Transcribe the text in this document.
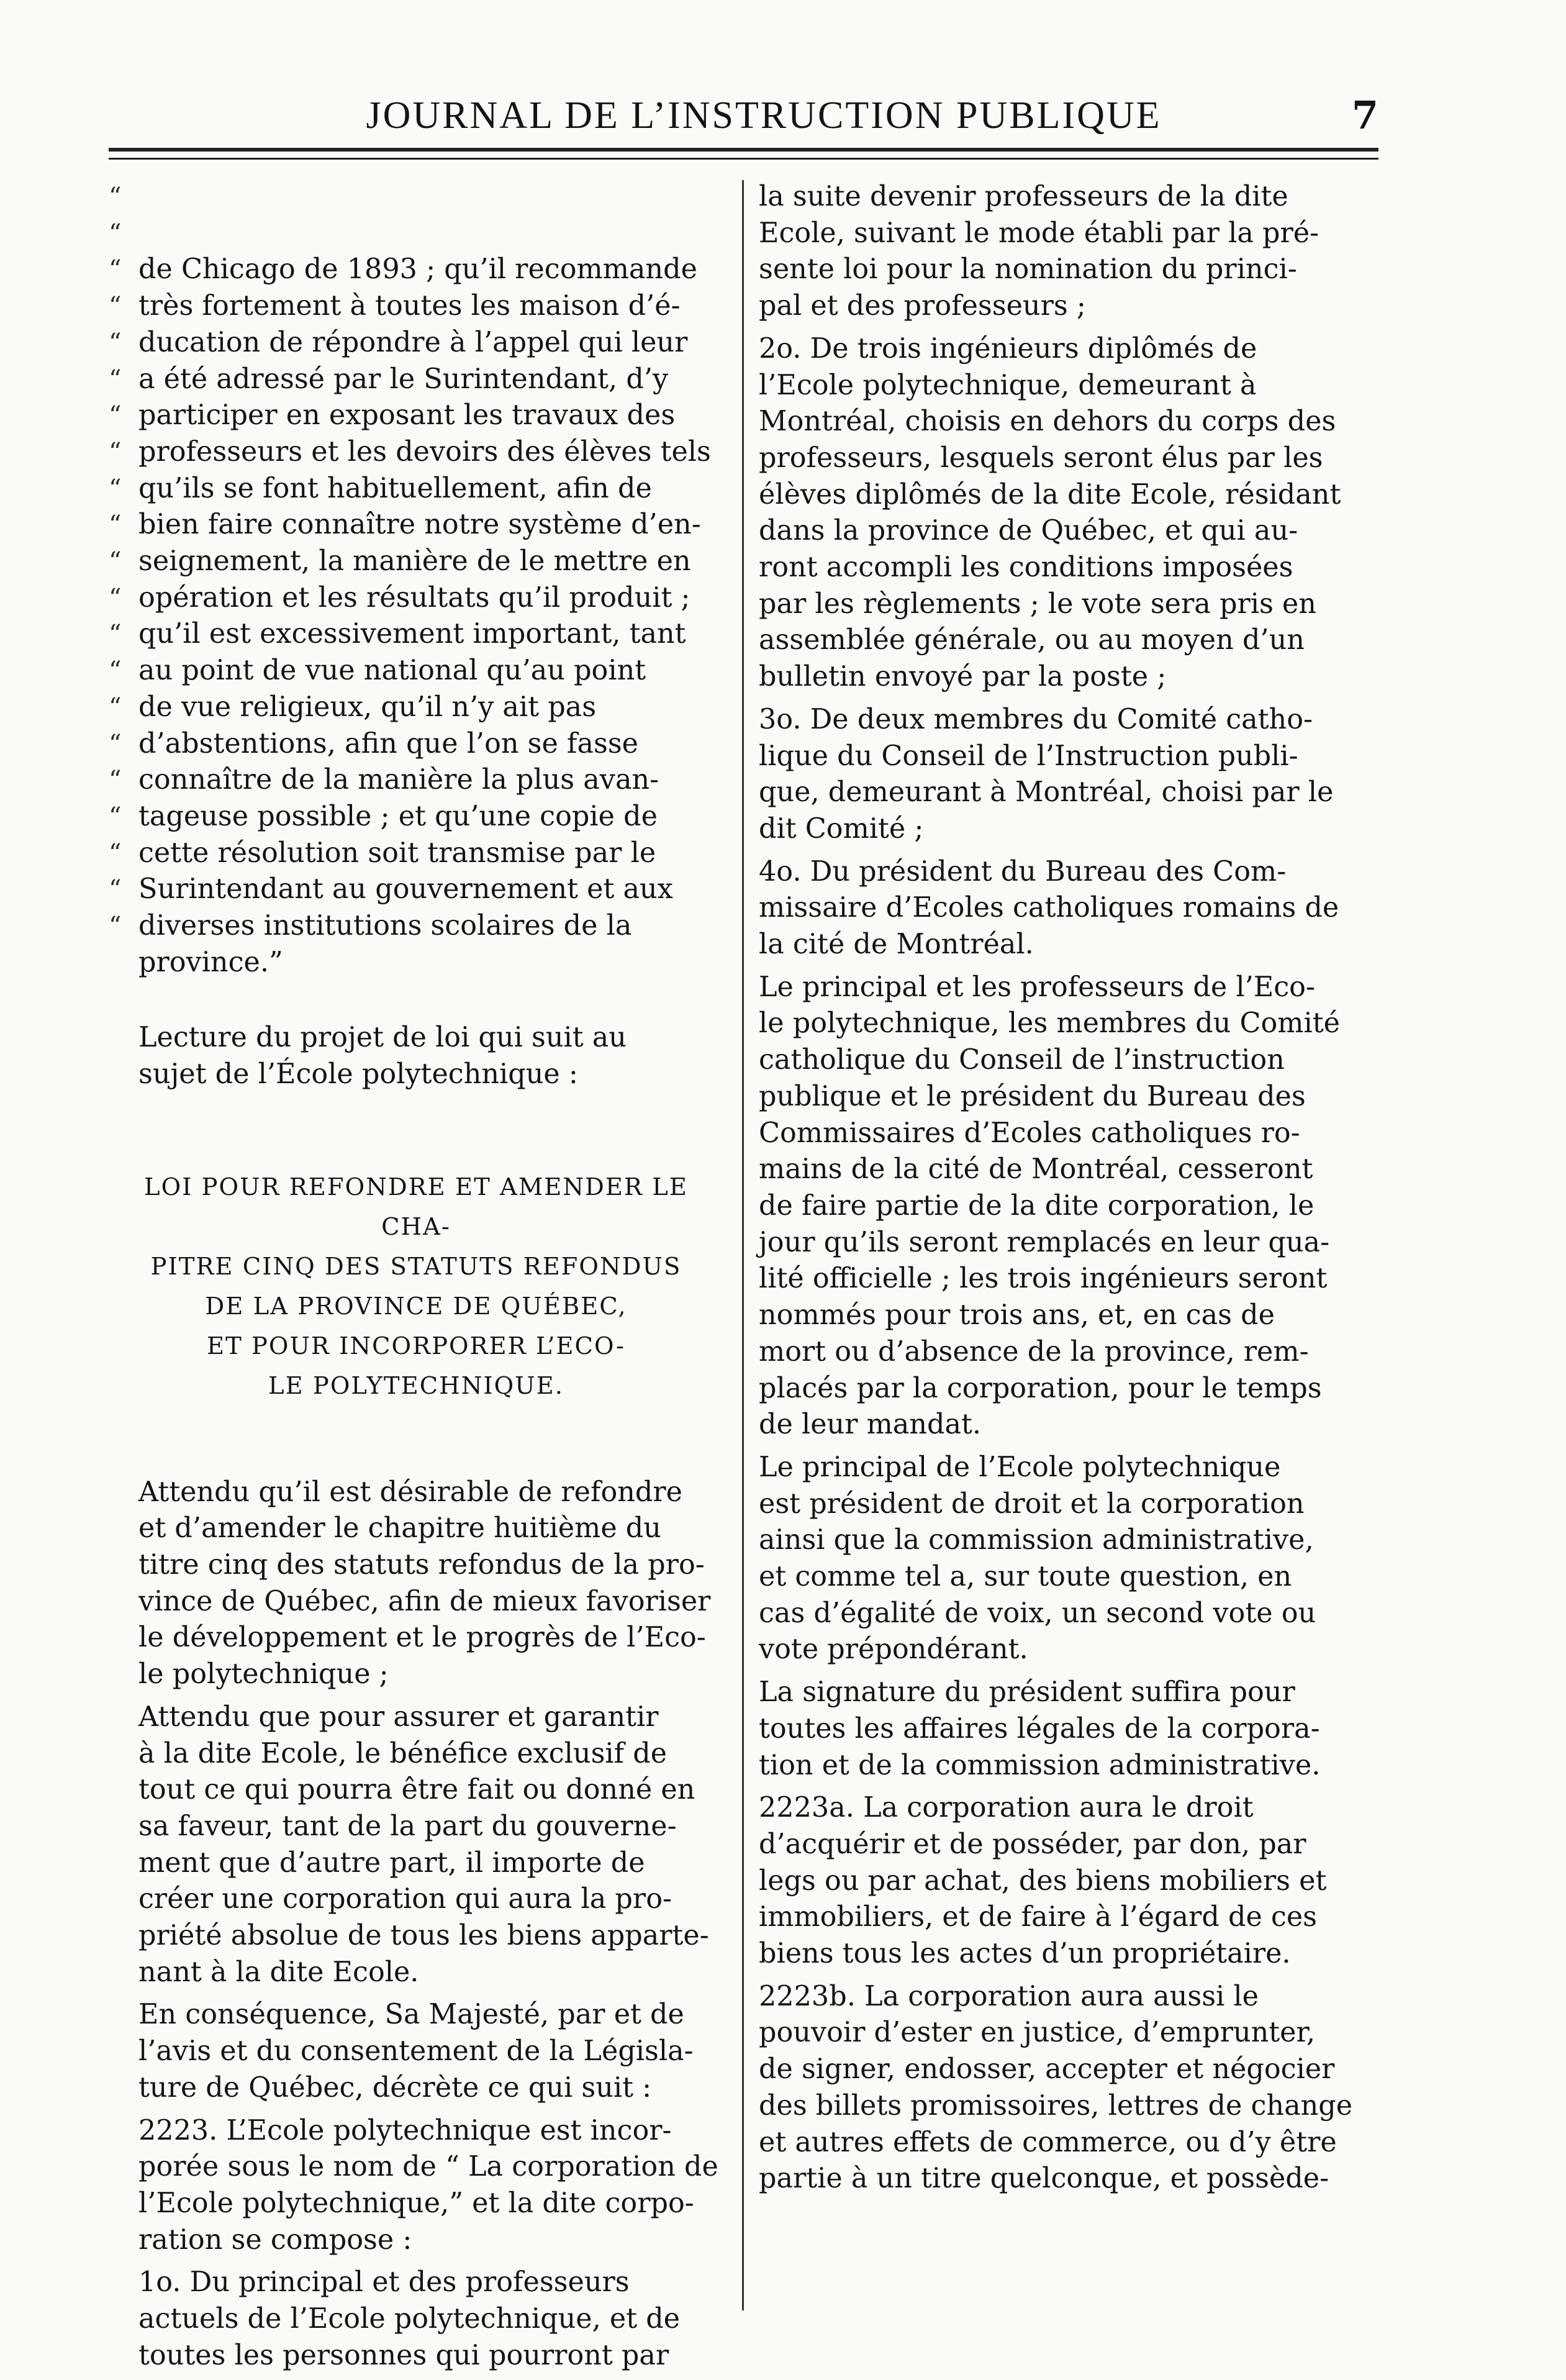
JOURNAL DE L’INSTRUCTION PUBLIQUE	7

“
“
“
“
“
“
“
“
“
“
“
“
“
“
“
“
“
“
“
“
“

de Chicago de 1893 ; qu’il recommande
très fortement à toutes les maison d’é-
ducation de répondre à l’appel qui leur
a été adressé par le Surintendant, d’y
participer en exposant les travaux des
professeurs et les devoirs des élèves tels
qu’ils se font habituellement, afin de
bien faire connaître notre système d’en-
seignement, la manière de le mettre en
opération et les résultats qu’il produit ;
qu’il est excessivement important, tant
au point de vue national qu’au point
de vue religieux, qu’il n’y ait pas
d’abstentions, afin que l’on se fasse
connaître de la manière la plus avan-
tageuse possible ; et qu’une copie de
cette résolution soit transmise par le
Surintendant au gouvernement et aux
diverses institutions scolaires de la
province.”

Lecture du projet de loi qui suit au
sujet de l’École polytechnique :

LOI POUR REFONDRE ET AMENDER LE CHA-
PITRE CINQ DES STATUTS REFONDUS
DE LA PROVINCE DE QUÉBEC,
ET POUR INCORPORER L’ECO-
LE POLYTECHNIQUE.

Attendu qu’il est désirable de refondre
et d’amender le chapitre huitième du
titre cinq des statuts refondus de la pro-
vince de Québec, afin de mieux favoriser
le développement et le progrès de l’Eco-
le polytechnique ;

Attendu que pour assurer et garantir
à la dite Ecole, le bénéfice exclusif de
tout ce qui pourra être fait ou donné en
sa faveur, tant de la part du gouverne-
ment que d’autre part, il importe de
créer une corporation qui aura la pro-
priété absolue de tous les biens apparte-
nant à la dite Ecole.

En conséquence, Sa Majesté, par et de
l’avis et du consentement de la Législa-
ture de Québec, décrète ce qui suit :

2223. L’Ecole polytechnique est incor-
porée sous le nom de “ La corporation de
l’Ecole polytechnique,” et la dite corpo-
ration se compose :

1o. Du principal et des professeurs
actuels de l’Ecole polytechnique, et de
toutes les personnes qui pourront par

la suite devenir professeurs de la dite
Ecole, suivant le mode établi par la pré-
sente loi pour la nomination du princi-
pal et des professeurs ;

2o. De trois ingénieurs diplômés de
l’Ecole polytechnique, demeurant à
Montréal, choisis en dehors du corps des
professeurs, lesquels seront élus par les
élèves diplômés de la dite Ecole, résidant
dans la province de Québec, et qui au-
ront accompli les conditions imposées
par les règlements ; le vote sera pris en
assemblée générale, ou au moyen d’un
bulletin envoyé par la poste ;

3o. De deux membres du Comité catho-
lique du Conseil de l’Instruction publi-
que, demeurant à Montréal, choisi par le
dit Comité ;

4o. Du président du Bureau des Com-
missaire d’Ecoles catholiques romains de
la cité de Montréal.

Le principal et les professeurs de l’Eco-
le polytechnique, les membres du Comité
catholique du Conseil de l’instruction
publique et le président du Bureau des
Commissaires d’Ecoles catholiques ro-
mains de la cité de Montréal, cesseront
de faire partie de la dite corporation, le
jour qu’ils seront remplacés en leur qua-
lité officielle ; les trois ingénieurs seront
nommés pour trois ans, et, en cas de
mort ou d’absence de la province, rem-
placés par la corporation, pour le temps
de leur mandat.

Le principal de l’Ecole polytechnique
est président de droit et la corporation
ainsi que la commission administrative,
et comme tel a, sur toute question, en
cas d’égalité de voix, un second vote ou
vote prépondérant.

La signature du président suffira pour
toutes les affaires légales de la corpora-
tion et de la commission administrative.

2223a. La corporation aura le droit
d’acquérir et de posséder, par don, par
legs ou par achat, des biens mobiliers et
immobiliers, et de faire à l’égard de ces
biens tous les actes d’un propriétaire.

2223b. La corporation aura aussi le
pouvoir d’ester en justice, d’emprunter,
de signer, endosser, accepter et négocier
des billets promissoires, lettres de change
et autres effets de commerce, ou d’y être
partie à un titre quelconque, et possède-
